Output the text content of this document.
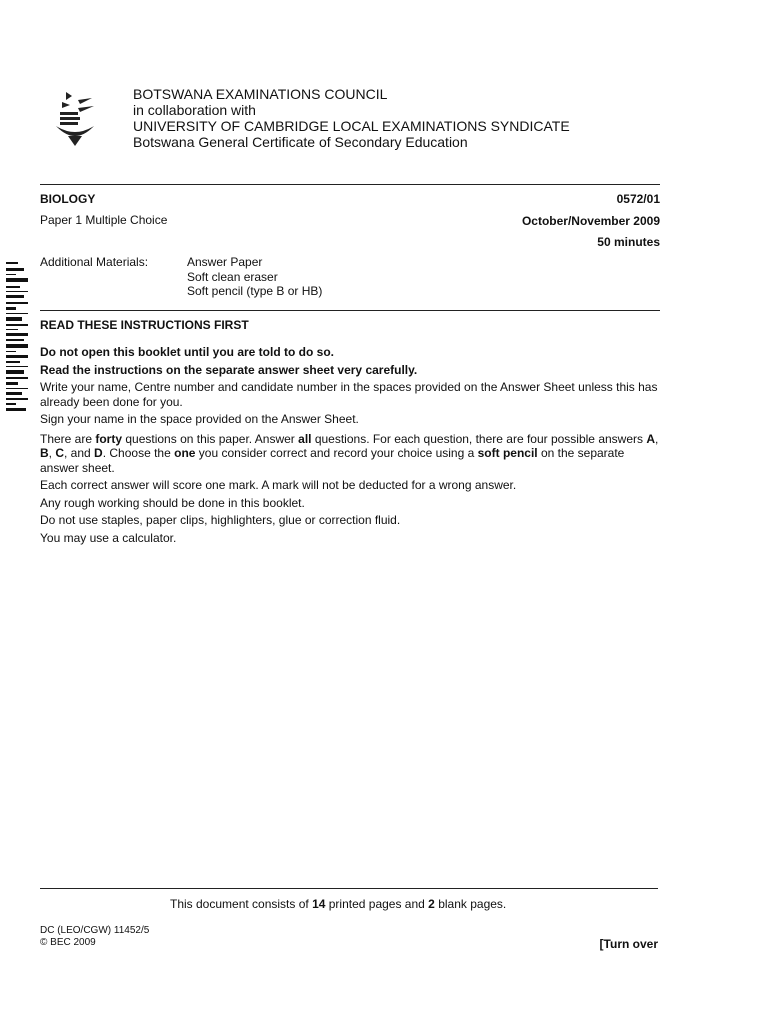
BOTSWANA EXAMINATIONS COUNCIL
in collaboration with
UNIVERSITY OF CAMBRIDGE LOCAL EXAMINATIONS SYNDICATE
Botswana General Certificate of Secondary Education
BIOLOGY	0572/01
Paper 1 Multiple Choice	October/November 2009
50 minutes
Additional Materials:	Answer Paper
Soft clean eraser
Soft pencil (type B or HB)
READ THESE INSTRUCTIONS FIRST

Do not open this booklet until you are told to do so.

Read the instructions on the separate answer sheet very carefully.

Write your name, Centre number and candidate number in the spaces provided on the Answer Sheet unless this has already been done for you.

Sign your name in the space provided on the Answer Sheet.

There are forty questions on this paper. Answer all questions. For each question, there are four possible answers A, B, C, and D. Choose the one you consider correct and record your choice using a soft pencil on the separate answer sheet.

Each correct answer will score one mark. A mark will not be deducted for a wrong answer.

Any rough working should be done in this booklet.

Do not use staples, paper clips, highlighters, glue or correction fluid.

You may use a calculator.

This document consists of 14 printed pages and 2 blank pages.
DC (LEO/CGW) 11452/5
© BEC 2009	[Turn over
